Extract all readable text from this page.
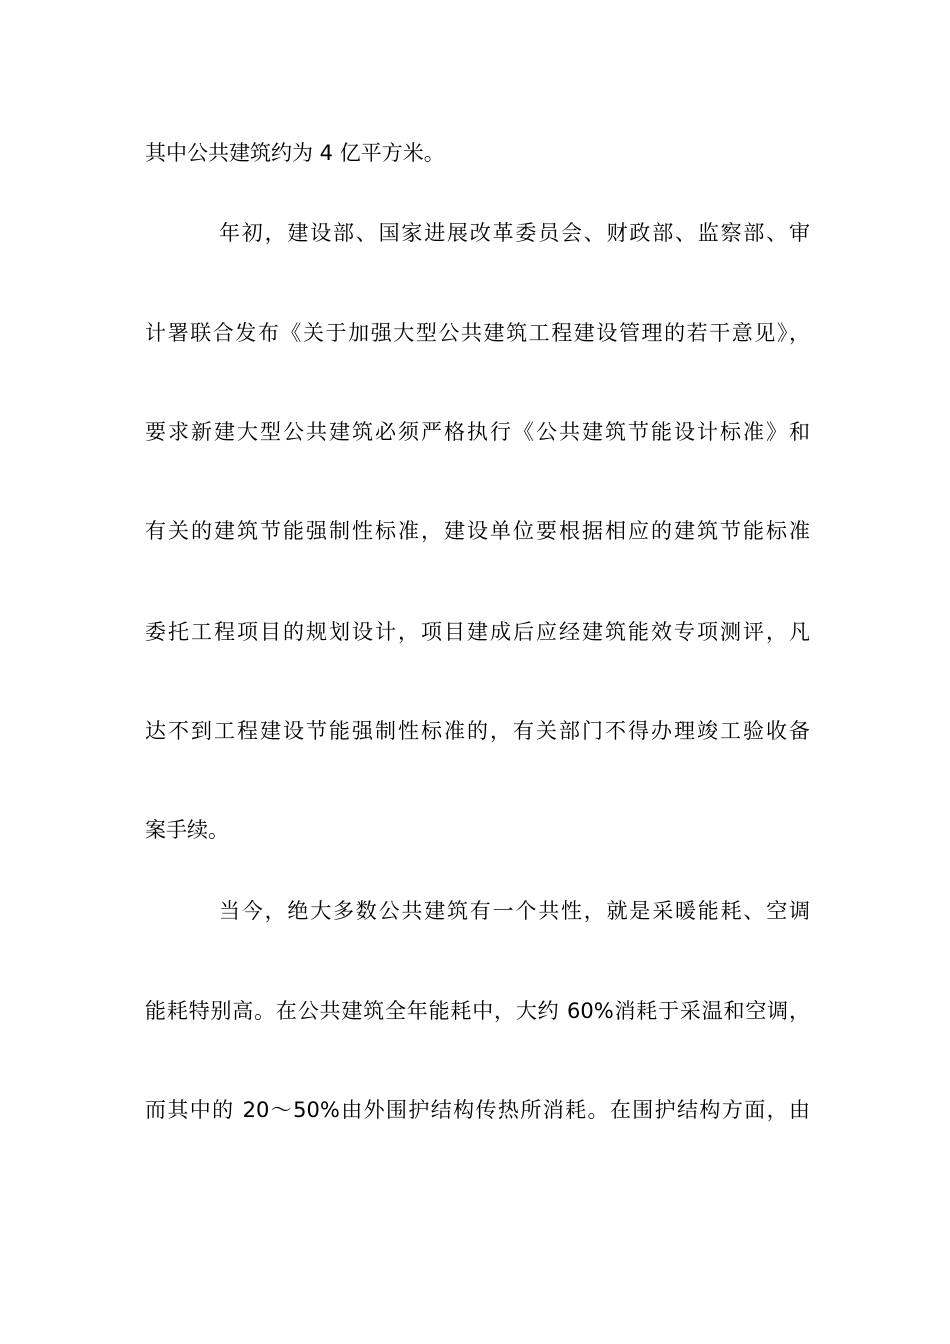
其中公共建筑约为 4 亿平方米。
年初，建设部、国家进展改革委员会、财政部、监察部、审
计署联合发布《关于加强大型公共建筑工程建设管理的若干意见》，
要求新建大型公共建筑必须严格执行《公共建筑节能设计标准》和
有关的建筑节能强制性标准，建设单位要根据相应的建筑节能标准
委托工程项目的规划设计，项目建成后应经建筑能效专项测评，凡
达不到工程建设节能强制性标准的，有关部门不得办理竣工验收备
案手续。
当今，绝大多数公共建筑有一个共性，就是采暖能耗、空调
能耗特别高。在公共建筑全年能耗中，大约 60%消耗于采温和空调，
而其中的 20～50%由外围护结构传热所消耗。在围护结构方面，由
